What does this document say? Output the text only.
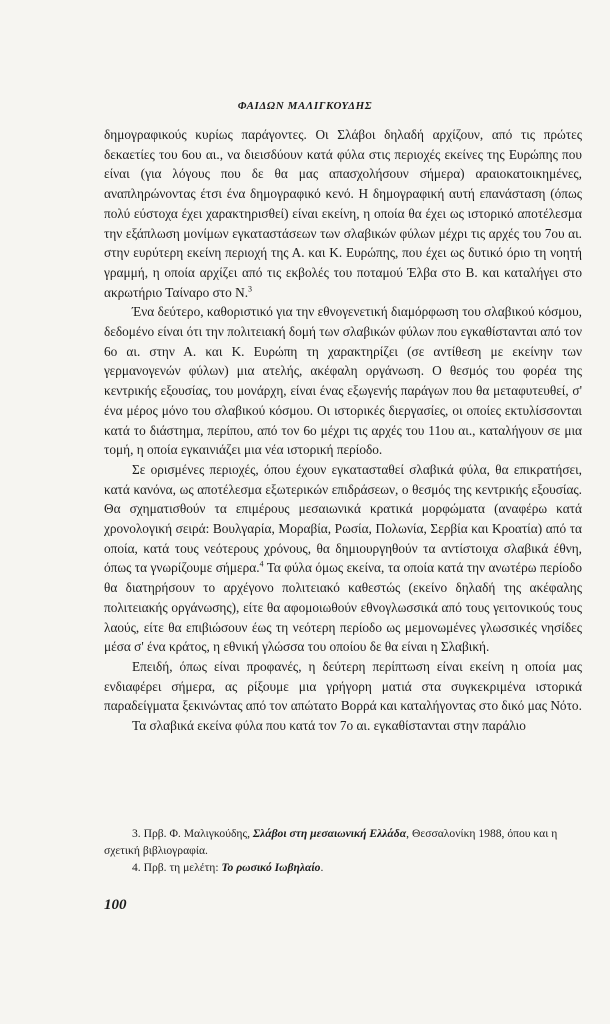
ΦΑΙΔΩΝ ΜΑΛΙΓΚΟΥΔΗΣ

δημογραφικούς κυρίως παράγοντες. Οι Σλάβοι δηλαδή αρχίζουν, από τις πρώτες δεκαετίες του 6ου αι., να διεισδύουν κατά φύλα στις περιοχές εκείνες της Ευρώπης που είναι (για λόγους που δε θα μας απασχολήσουν σήμερα) αραιοκατοικημένες, αναπληρώνοντας έτσι ένα δημογραφικό κενό. Η δημογραφική αυτή επανάσταση (όπως πολύ εύστοχα έχει χαρακτηρισθεί) είναι εκείνη, η οποία θα έχει ως ιστορικό αποτέλεσμα την εξάπλωση μονίμων εγκαταστάσεων των σλαβικών φύλων μέχρι τις αρχές του 7ου αι. στην ευρύτερη εκείνη περιοχή της Α. και Κ. Ευρώπης, που έχει ως δυτικό όριο τη νοητή γραμμή, η οποία αρχίζει από τις εκβολές του ποταμού Έλβα στο Β. και καταλήγει στο ακρωτήριο Ταίναρο στο Ν.$^3$

Ένα δεύτερο, καθοριστικό για την εθνογενετική διαμόρφωση του σλαβικού κόσμου, δεδομένο είναι ότι την πολιτειακή δομή των σλαβικών φύλων που εγκαθίστανται από τον 6ο αι. στην Α. και Κ. Ευρώπη τη χαρακτηρίζει (σε αντίθεση με εκείνην των γερμανογενών φύλων) μια ατελής, ακέφαλη οργάνωση. Ο θεσμός του φορέα της κεντρικής εξουσίας, του μονάρχη, είναι ένας εξωγενής παράγων που θα μεταφυτευθεί, σ' ένα μέρος μόνο του σλαβικού κόσμου. Οι ιστορικές διεργασίες, οι οποίες εκτυλίσσονται κατά το διάστημα, περίπου, από τον 6ο μέχρι τις αρχές του 11ου αι., καταλήγουν σε μια τομή, η οποία εγκαινιάζει μια νέα ιστορική περίοδο.

Σε ορισμένες περιοχές, όπου έχουν εγκατασταθεί σλαβικά φύλα, θα επικρατήσει, κατά κανόνα, ως αποτέλεσμα εξωτερικών επιδράσεων, ο θεσμός της κεντρικής εξουσίας. Θα σχηματισθούν τα επιμέρους μεσαιωνικά κρατικά μορφώματα (αναφέρω κατά χρονολογική σειρά: Βουλγαρία, Μοραβία, Ρωσία, Πολωνία, Σερβία και Κροατία) από τα οποία, κατά τους νεότερους χρόνους, θα δημιουργηθούν τα αντίστοιχα σλαβικά έθνη, όπως τα γνωρίζουμε σήμερα.$^4$ Τα φύλα όμως εκείνα, τα οποία κατά την ανωτέρω περίοδο θα διατηρήσουν το αρχέγονο πολιτειακό καθεστώς (εκείνο δηλαδή της ακέφαλης πολιτειακής οργάνωσης), είτε θα αφομοιωθούν εθνογλωσσικά από τους γειτονικούς τους λαούς, είτε θα επιβιώσουν έως τη νεότερη περίοδο ως μεμονωμένες γλωσσικές νησίδες μέσα σ' ένα κράτος, η εθνική γλώσσα του οποίου δε θα είναι η Σλαβική.

Επειδή, όπως είναι προφανές, η δεύτερη περίπτωση είναι εκείνη η οποία μας ενδιαφέρει σήμερα, ας ρίξουμε μια γρήγορη ματιά στα συγκεκριμένα ιστορικά παραδείγματα ξεκινώντας από τον απώτατο Βορρά και καταλήγοντας στο δικό μας Νότο.

Τα σλαβικά εκείνα φύλα που κατά τον 7ο αι. εγκαθίστανται στην παράλιο

3. Πρβ. Φ. Μαλιγκούδης, Σλάβοι στη μεσαιωνική Ελλάδα, Θεσσαλονίκη 1988, όπου και η σχετική βιβλιογραφία.

4. Πρβ. τη μελέτη: Το ρωσικό Ιωβηλαίο.

100
